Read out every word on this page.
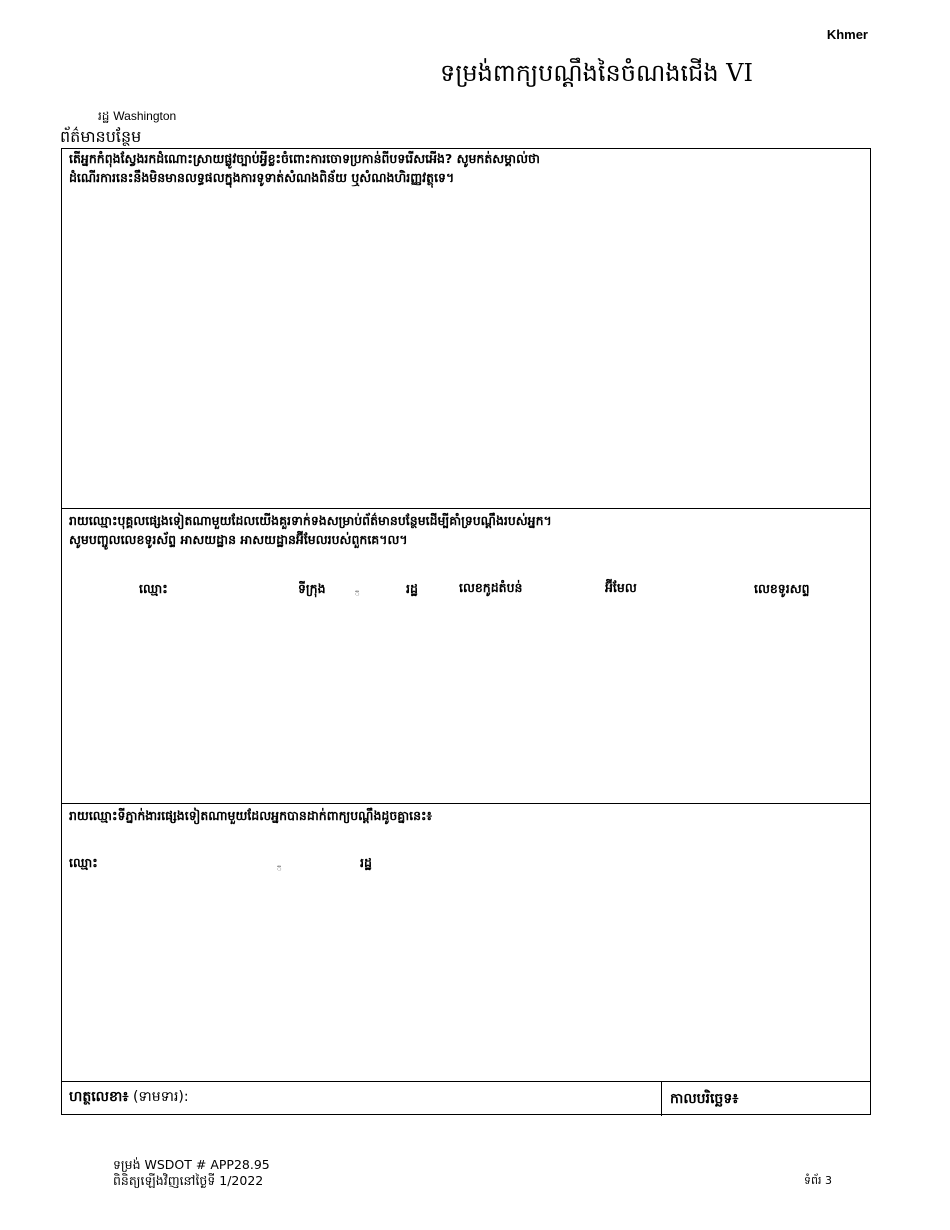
Khmer
ទម្រង់ពាក្យបណ្ដឹងនៃចំណងជើង VI
រដ្ឋ Washington
ព័ត៌មានបន្ថែម
តើអ្នកកំពុងស្វែងរកដំណោះស្រាយផ្លូវច្បាប់អ្វីខ្លះចំពោះការចោទប្រកាន់ពីបទរើសអើង? សូមកត់សម្គាល់ថា
ដំណើរការនេះនឹងមិនមានលទ្ធផលក្នុងការទូទាត់សំណងពិន័យ ឬសំណងហិរញ្ញវត្ថុទេ។
រាយឈ្មោះបុគ្គលផ្សេងទៀតណាមួយដែលយើងគួរទាក់ទងសម្រាប់ព័ត៌មានបន្ថែមដើម្បីគាំទ្របណ្ដឹងរបស់អ្នក។
សូមបញ្ចូលលេខទូរស័ព្ទ អាសយដ្ឋាន អាសយដ្ឋានអ៊ីមែលរបស់ពួកគេ។ល។
ឈ្មោះ	ទីក្រុង	៊	រដ្ឋ	លេខកូដតំបន់	អ៊ីមែល	លេខទូរសព្ទ
រាយឈ្មោះទីភ្នាក់ងារផ្សេងទៀតណាមួយដែលអ្នកបានដាក់ពាក្យបណ្ដឹងដូចគ្នានេះ៖
ឈ្មោះ	៊	រដ្ឋ
ហត្ថលេខា៖ (ទាមទារ):	កាលបរិច្ឆេទ៖
ទម្រង់ WSDOT # APP28.95
ពិនិត្យឡើងវិញនៅថ្ងៃទី 1/2022	ទំព័រ 3
